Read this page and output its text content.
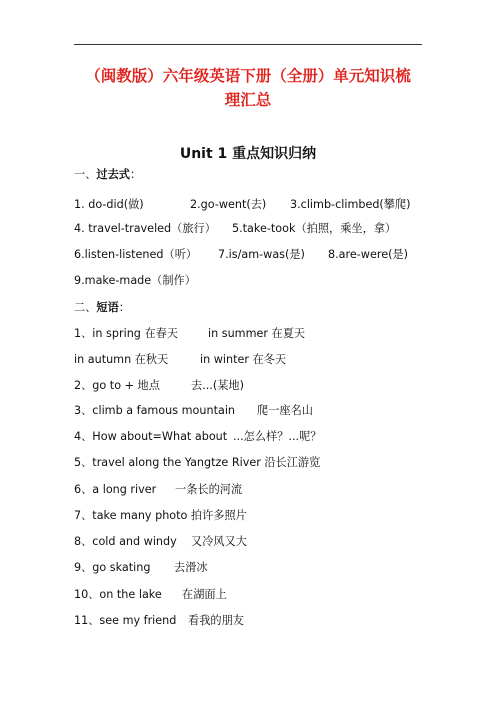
（闽教版）六年级英语下册（全册）单元知识梳
理汇总
Unit 1 重点知识归纳
一、过去式：
1. do-did(做)	2.go-went(去) 3.climb-climbed(攀爬)
4. travel-traveled（旅行） 5.take-took（拍照，乘坐，拿）
6.listen-listened（听） 7.is/am-was(是) 8.are-were(是)
9.make-made（制作）
二、短语：
1、in spring 在春天	in summer 在夏天
in autumn 在秋天	in winter 在冬天
2、go to + 地点	去...(某地)
3、climb a famous mountain 爬一座名山
4、How about=What about ...怎么样？...呢？
5、travel along the Yangtze River 沿长江游览
6、a long river 一条长的河流
7、take many photo 拍许多照片
8、cold and windy 又冷风又大
9、go skating 去滑冰
10、on the lake 在湖面上
11、see my friend 看我的朋友
